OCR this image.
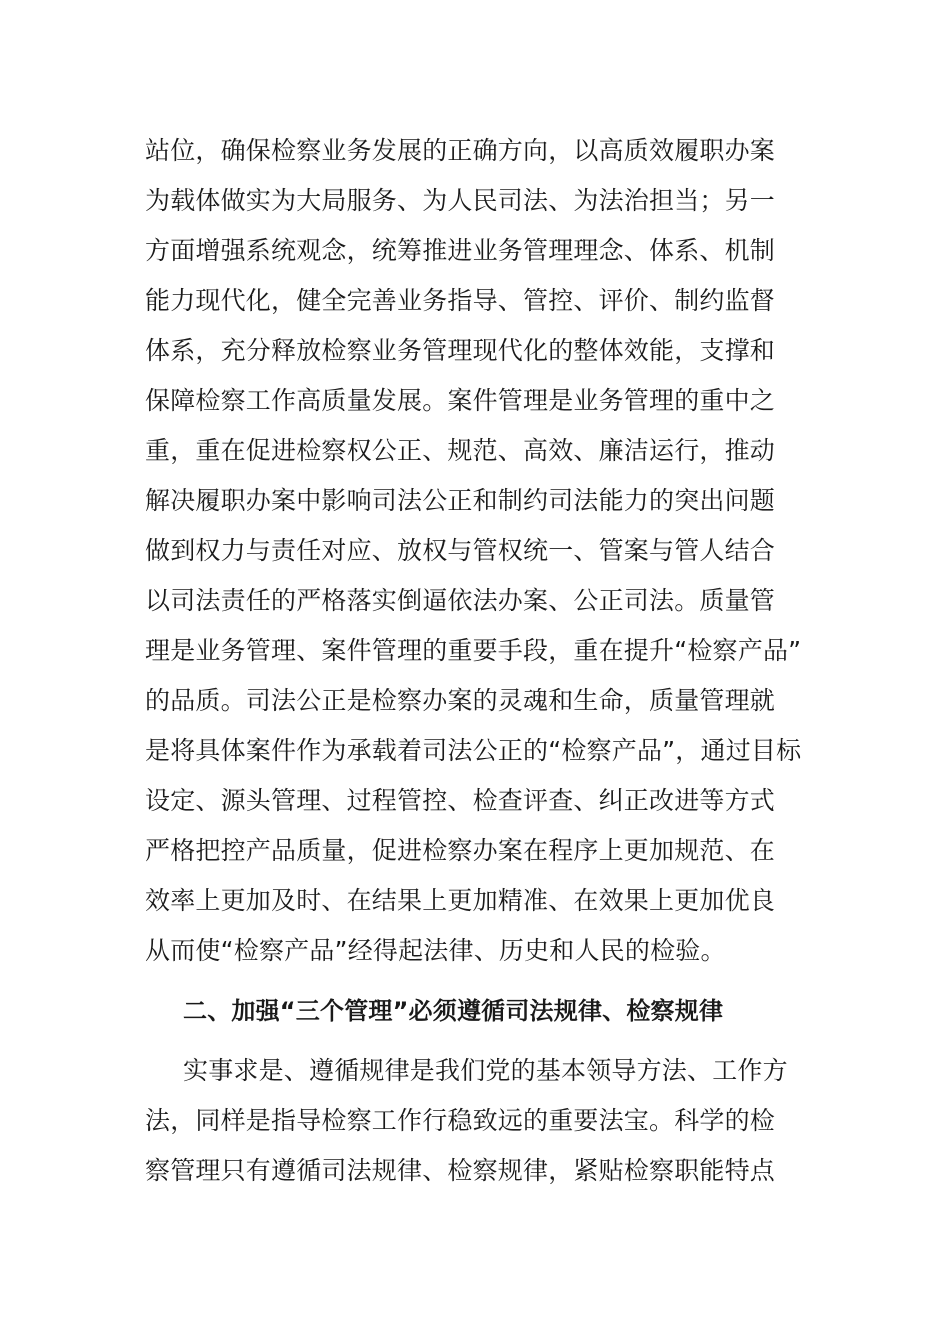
站位，确保检察业务发展的正确方向，以高质效履职办案
为载体做实为大局服务、为人民司法、为法治担当；另一
方面增强系统观念，统筹推进业务管理理念、体系、机制
能力现代化，健全完善业务指导、管控、评价、制约监督
体系，充分释放检察业务管理现代化的整体效能，支撑和
保障检察工作高质量发展。案件管理是业务管理的重中之
重，重在促进检察权公正、规范、高效、廉洁运行，推动
解决履职办案中影响司法公正和制约司法能力的突出问题
做到权力与责任对应、放权与管权统一、管案与管人结合
以司法责任的严格落实倒逼依法办案、公正司法。质量管
理是业务管理、案件管理的重要手段，重在提升“检察产品”
的品质。司法公正是检察办案的灵魂和生命，质量管理就
是将具体案件作为承载着司法公正的“检察产品”，通过目标
设定、源头管理、过程管控、检查评查、纠正改进等方式
严格把控产品质量，促进检察办案在程序上更加规范、在
效率上更加及时、在结果上更加精准、在效果上更加优良
从而使“检察产品”经得起法律、历史和人民的检验。
二、加强“三个管理”必须遵循司法规律、检察规律
实事求是、遵循规律是我们党的基本领导方法、工作方
法，同样是指导检察工作行稳致远的重要法宝。科学的检
察管理只有遵循司法规律、检察规律，紧贴检察职能特点
